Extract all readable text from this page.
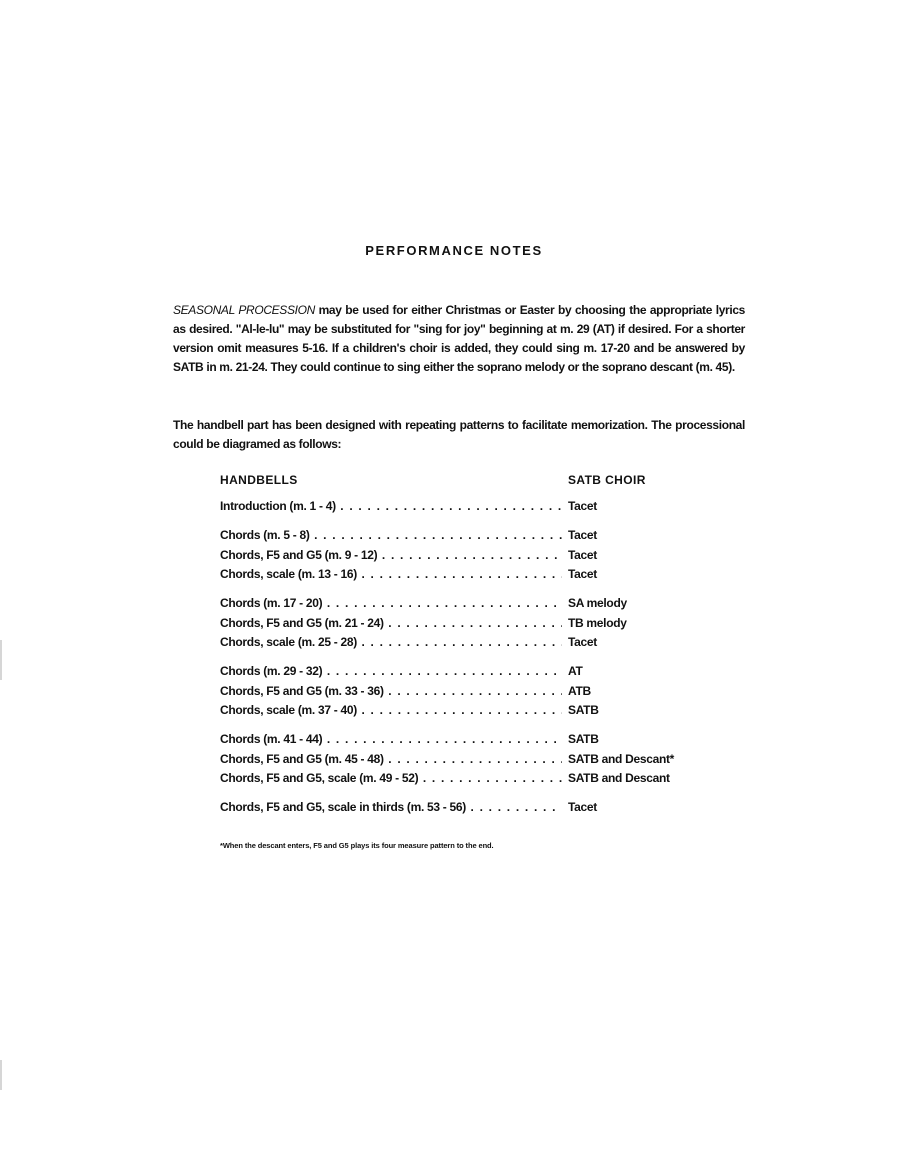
PERFORMANCE NOTES

SEASONAL PROCESSION may be used for either Christmas or Easter by choosing the appropriate lyrics as desired. "Al-le-lu" may be substituted for "sing for joy" beginning at m. 29 (AT) if desired. For a shorter version omit measures 5-16. If a children's choir is added, they could sing m. 17-20 and be answered by SATB in m. 21-24. They could continue to sing either the soprano melody or the soprano descant (m. 45).

The handbell part has been designed with repeating patterns to facilitate memorization. The processional could be diagramed as follows:

HANDBELLS	SATB CHOIR
Introduction (m. 1 - 4) . . .	Tacet
Chords (m. 5 - 8) . . .	Tacet
Chords, F5 and G5 (m. 9 - 12) . . .	Tacet
Chords, scale (m. 13 - 16) . . .	Tacet
Chords (m. 17 - 20) . . .	SA melody
Chords, F5 and G5 (m. 21 - 24) . . .	TB melody
Chords, scale (m. 25 - 28) . . .	Tacet
Chords (m. 29 - 32) . . .	AT
Chords, F5 and G5 (m. 33 - 36) . . .	ATB
Chords, scale (m. 37 - 40) . . .	SATB
Chords (m. 41 - 44) . . .	SATB
Chords, F5 and G5 (m. 45 - 48) . . .	SATB and Descant*
Chords, F5 and G5, scale (m. 49 - 52) . . .	SATB and Descant
Chords, F5 and G5, scale in thirds (m. 53 - 56) . . .	Tacet
*When the descant enters, F5 and G5 plays its four measure pattern to the end.
